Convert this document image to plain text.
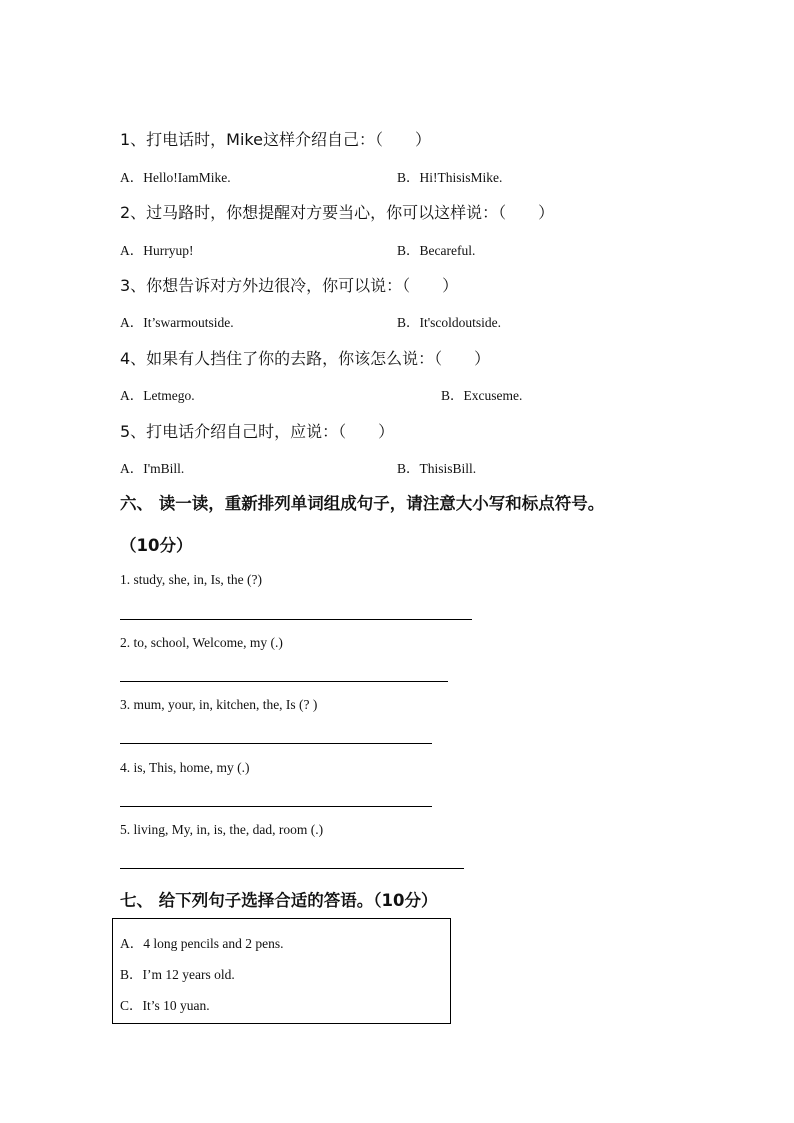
1、打电话时，Mike这样介绍自己：（　　）
A．Hello!IamMike.	B．Hi!ThisisMike.
2、过马路时，你想提醒对方要当心，你可以这样说：（　　）
A．Hurryup!	B．Becareful.
3、你想告诉对方外边很冷，你可以说：（　　）
A．It’swarmoutside.	B．It'scoldoutside.
4、如果有人挡住了你的去路，你该怎么说：（　　）
A．Letmego.	B．Excuseme.
5、打电话介绍自己时，应说：（　　）
A．I'mBill.	B．ThisisBill.
六、 读一读，重新排列单词组成句子，请注意大小写和标点符号。
（10分）
1. study, she, in, Is, the (?)
2. to, school, Welcome, my (.)
3. mum, your, in, kitchen, the, Is (? )
4. is, This, home, my (.)
5. living, My, in, is, the, dad, room (.)
七、 给下列句子选择合适的答语。（10分）
A．4 long pencils and 2 pens.
B．I’m 12 years old.
C．It’s 10 yuan.
